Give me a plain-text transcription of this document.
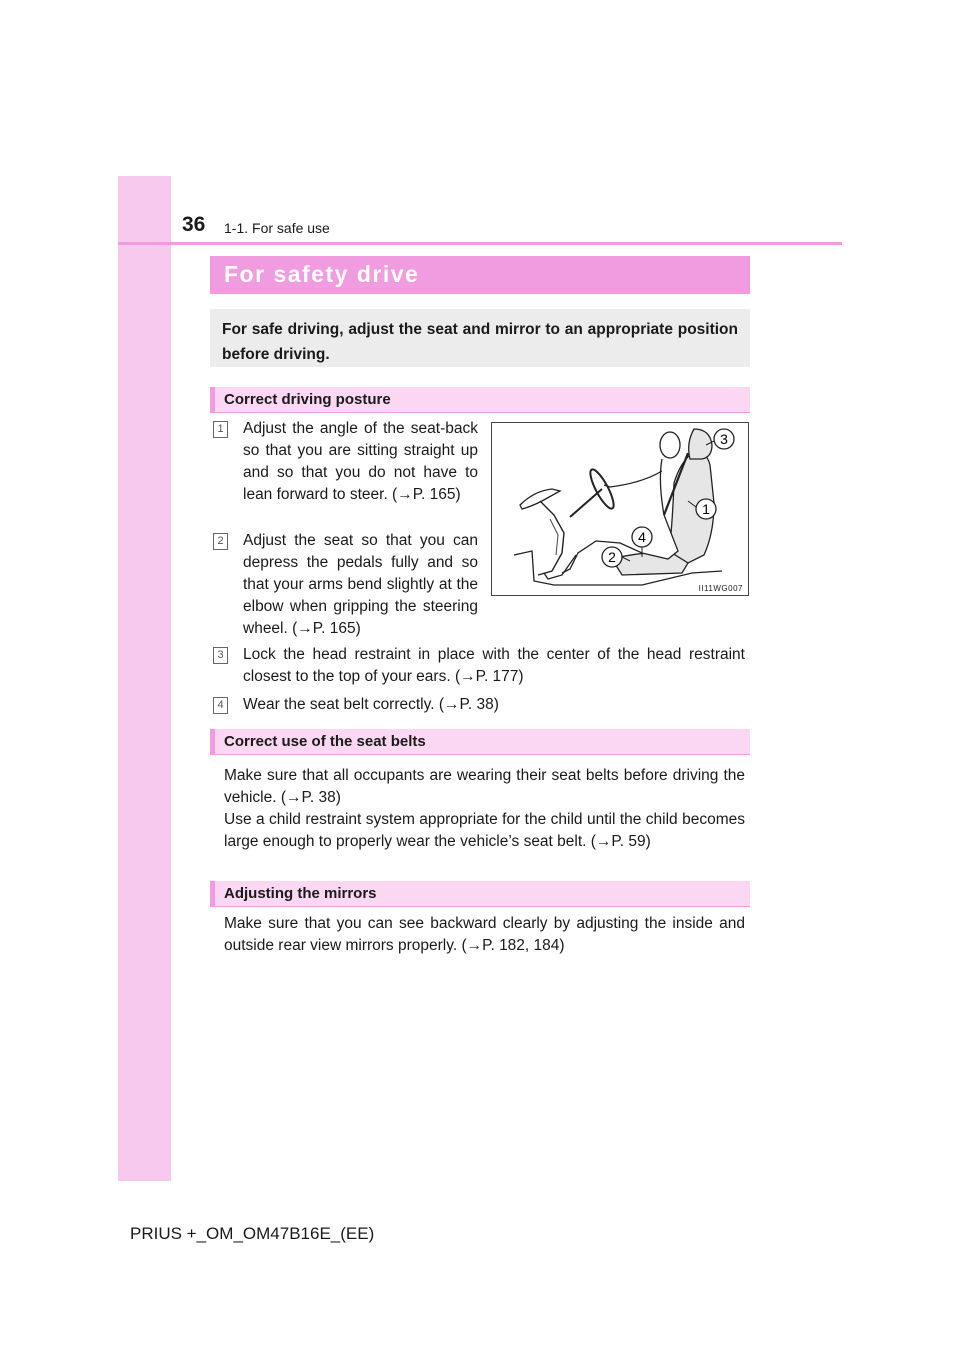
36 1-1. For safe use
For safety drive
For safe driving, adjust the seat and mirror to an appropriate position before driving.
Correct driving posture
1 Adjust the angle of the seat-back so that you are sitting straight up and so that you do not have to lean forward to steer. (→P. 165)
2 Adjust the seat so that you can depress the pedals fully and so that your arms bend slightly at the elbow when gripping the steering wheel. (→P. 165)
3
1
4
2
II11WG007
3 Lock the head restraint in place with the center of the head restraint closest to the top of your ears. (→P. 177)
4 Wear the seat belt correctly. (→P. 38)
Correct use of the seat belts
Make sure that all occupants are wearing their seat belts before driving the vehicle. (→P. 38)
Use a child restraint system appropriate for the child until the child becomes large enough to properly wear the vehicle’s seat belt. (→P. 59)
Adjusting the mirrors
Make sure that you can see backward clearly by adjusting the inside and outside rear view mirrors properly. (→P. 182, 184)
PRIUS +_OM_OM47B16E_(EE)
